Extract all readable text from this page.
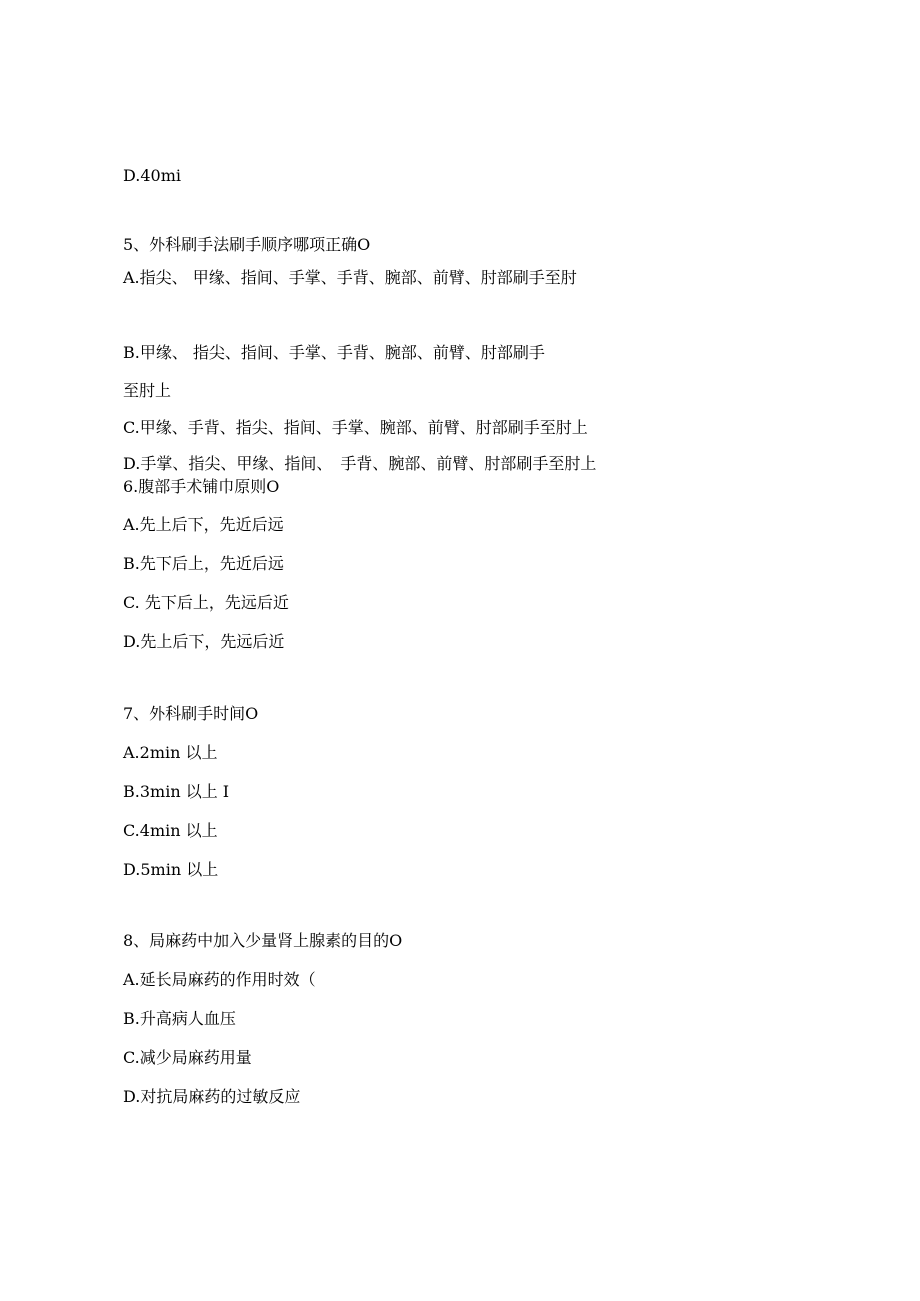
D.40mi
5、外科刷手法刷手顺序哪项正确O
A.指尖、 甲缘、指间、手掌、手背、腕部、前臂、肘部刷手至肘
B.甲缘、 指尖、指间、手掌、手背、腕部、前臂、肘部刷手
至肘上
C.甲缘、手背、指尖、指间、手掌、腕部、前臂、肘部刷手至肘上
D.手掌、指尖、甲缘、指间、　手背、腕部、前臂、肘部刷手至肘上
6.腹部手术铺巾原则O
A.先上后下，先近后远
B.先下后上，先近后远
C. 先下后上，先远后近
D.先上后下，先远后近
7、外科刷手时间O
A.2min 以上
B.3min 以上 I
C.4min 以上
D.5min 以上
8、局麻药中加入少量肾上腺素的目的O
A.延长局麻药的作用时效（
B.升高病人血压
C.减少局麻药用量
D.对抗局麻药的过敏反应
